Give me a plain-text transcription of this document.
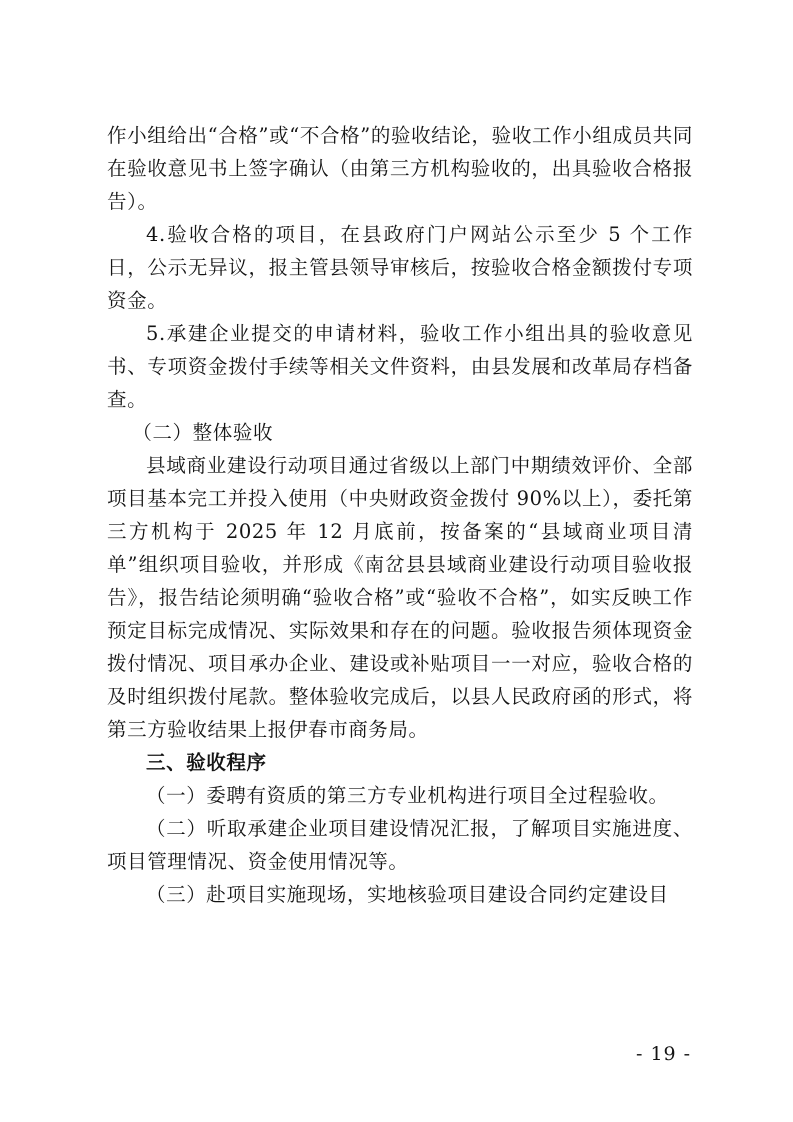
作小组给出“合格”或“不合格”的验收结论，验收工作小组成员共同在验收意见书上签字确认（由第三方机构验收的，出具验收合格报告）。

4.验收合格的项目，在县政府门户网站公示至少 5 个工作日，公示无异议，报主管县领导审核后，按验收合格金额拨付专项资金。

5.承建企业提交的申请材料，验收工作小组出具的验收意见书、专项资金拨付手续等相关文件资料，由县发展和改革局存档备查。

（二）整体验收

县域商业建设行动项目通过省级以上部门中期绩效评价、全部项目基本完工并投入使用（中央财政资金拨付 90%以上），委托第三方机构于 2025 年 12 月底前，按备案的“县域商业项目清单”组织项目验收，并形成《南岔县县域商业建设行动项目验收报告》，报告结论须明确“验收合格”或“验收不合格”，如实反映工作预定目标完成情况、实际效果和存在的问题。验收报告须体现资金拨付情况、项目承办企业、建设或补贴项目一一对应，验收合格的及时组织拨付尾款。整体验收完成后，以县人民政府函的形式，将第三方验收结果上报伊春市商务局。

三、验收程序

（一）委聘有资质的第三方专业机构进行项目全过程验收。

（二）听取承建企业项目建设情况汇报，了解项目实施进度、项目管理情况、资金使用情况等。

（三）赴项目实施现场，实地核验项目建设合同约定建设目

- 19 -
